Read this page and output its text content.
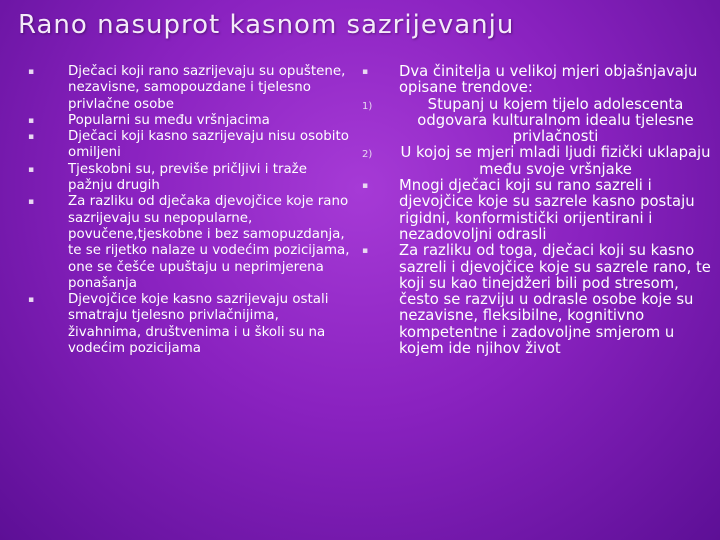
Rano nasuprot kasnom sazrijevanju
▪	Dječaci koji rano sazrijevaju su opuštene, nezavisne, samopouzdane i tjelesno privlačne osobe
▪	Popularni su među vršnjacima
▪	Dječaci koji kasno sazrijevaju nisu osobito omiljeni
▪	Tjeskobni su, previše pričljivi i traže pažnju drugih
▪	Za razliku od dječaka djevojčice koje rano sazrijevaju su nepopularne, povučene,tjeskobne i bez samopuzdanja, te se rijetko nalaze u vodećim pozicijama, one se češće upuštaju u neprimjerena ponašanja
▪	Djevojčice koje kasno sazrijevaju ostali smatraju tjelesno privlačnijima, živahnima, društvenima i u školi su na vodećim pozicijama
▪ Dva činitelja u velikoj mjeri objašnjavaju opisane trendove:
1)	Stupanj u kojem tijelo adolescenta odgovara kulturalnom idealu tjelesne privlačnosti
2) U kojoj se mjeri mladi ljudi fizički uklapaju među svoje vršnjake
▪ Mnogi dječaci koji su rano sazreli i djevojčice koje su sazrele kasno postaju rigidni, konformistički orijentirani i nezadovoljni odrasli
▪ Za razliku od toga, dječaci koji su kasno sazreli i djevojčice koje su sazrele rano, te koji su kao tinejdžeri bili pod stresom, često se razviju u odrasle osobe koje su nezavisne, fleksibilne, kognitivno kompetentne i zadovoljne smjerom u kojem ide njihov život
